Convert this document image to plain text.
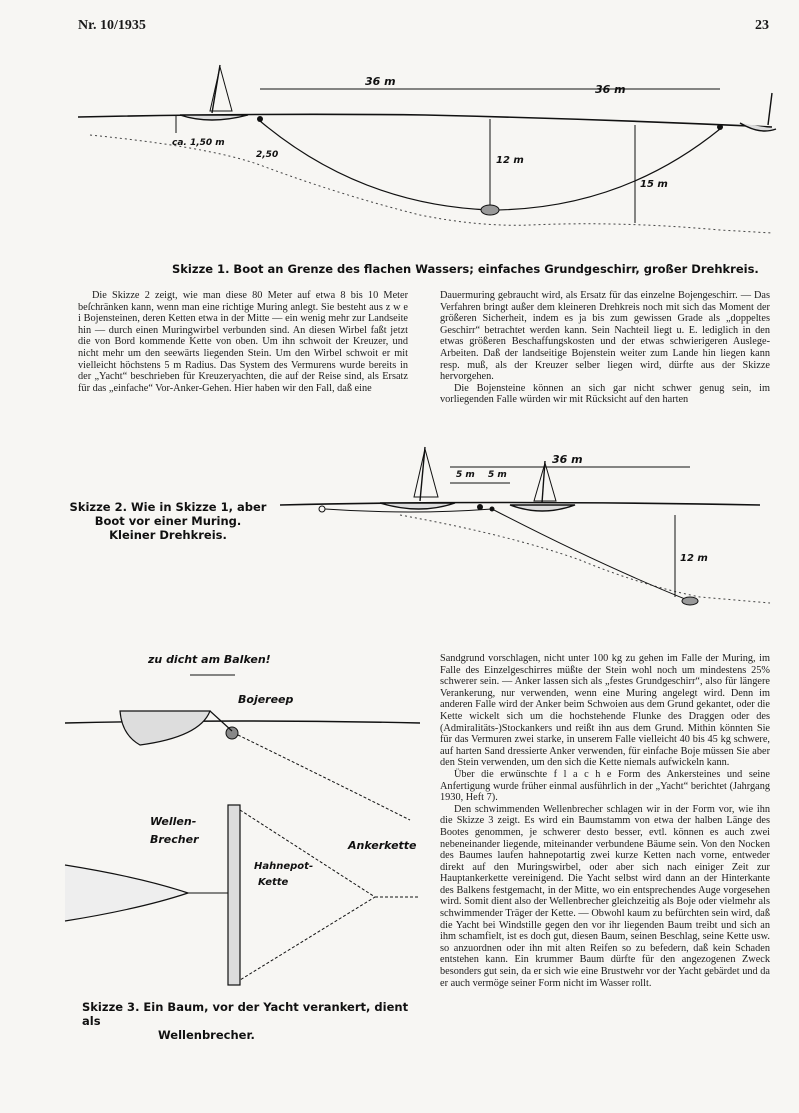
Nr. 10/1935	23
36 m
36 m
ca. 1,50 m
2,50	12 m
15 m
Skizze 1. Boot an Grenze des flachen Wassers; einfaches Grundgeschirr, großer Drehkreis.

Die Skizze 2 zeigt, wie man diese 80 Meter auf etwa 8 bis 10 Meter beſchränken kann, wenn man eine richtige Muring anlegt. Sie besteht aus z w e i Bojensteinen, deren Ketten etwa in der Mitte — ein wenig mehr zur Landseite hin — durch einen Muringwirbel verbunden sind. An diesen Wirbel faßt jetzt die von Bord kommende Kette von oben. Um ihn schwoit der Kreuzer, und nicht mehr um den seewärts liegenden Stein. Um den Wirbel schwoit er mit vielleicht höchstens 5 m Radius. Das System des Vermurens wurde bereits in der „Yacht“ beschrieben für Kreuzeryachten, die auf der Reise sind, als Ersatz für das „einfache“ Vor-Anker-Gehen. Hier haben wir den Fall, daß eine

Dauermuring gebraucht wird, als Ersatz für das einzelne Bojengeschirr. — Das Verfahren bringt außer dem kleineren Drehkreis noch mit sich das Moment der größeren Sicherheit, indem es ja bis zum gewissen Grade als „doppeltes Geschirr“ betrachtet werden kann. Sein Nachteil liegt u. E. lediglich in den etwas größeren Beschaffungskosten und der etwas schwierigeren Auslege-Arbeiten. Daß der landseitige Bojenstein weiter zum Lande hin liegen kann resp. muß, als der Kreuzer selber liegen wird, dürfte aus der Skizze hervorgehen.

Die Bojensteine können an sich gar nicht schwer genug sein, im vorliegenden Falle würden wir mit Rücksicht auf den harten

36 m
5 m 5 m
12 m
Skizze 2. Wie in Skizze 1, aber
Boot vor einer Muring.
Kleiner Drehkreis.
zu dicht am Balken!
Bojereep
Wellen-
Brecher
Hahnepot-
Kette
Ankerkette
Skizze 3. Ein Baum, vor der Yacht verankert, dient als
Wellenbrecher.

Sandgrund vorschlagen, nicht unter 100 kg zu gehen im Falle der Muring, im Falle des Einzelgeschirres müßte der Stein wohl noch um mindestens 25% schwerer sein. — Anker lassen sich als „festes Grundgeschirr“, also für längere Verankerung, nur verwenden, wenn eine Muring angelegt wird. Denn im anderen Falle wird der Anker beim Schwoien aus dem Grund gekantet, oder die Kette wickelt sich um die hochstehende Flunke des Draggen oder des (Admiralitäts-)Stockankers und reißt ihn aus dem Grund. Mithin könnten Sie für das Vermuren zwei starke, in unserem Falle vielleicht 40 bis 45 kg schwere, auf harten Sand dressierte Anker verwenden, für einfache Boje müssen Sie aber den Stein verwenden, um den sich die Kette niemals aufwickeln kann.

Über die erwünschte f l a c h e Form des Ankersteines und seine Anfertigung wurde früher einmal ausführlich in der „Yacht“ berichtet (Jahrgang 1930, Heft 7).

Den schwimmenden Wellenbrecher schlagen wir in der Form vor, wie ihn die Skizze 3 zeigt. Es wird ein Baumstamm von etwa der halben Länge des Bootes genommen, je schwerer desto besser, evtl. können es auch zwei nebeneinander liegende, miteinander verbundene Bäume sein. Von den Nocken des Baumes laufen hahnepotartig zwei kurze Ketten nach vorne, entweder direkt auf den Muringswirbel, oder aber sich nach einiger Zeit zur Hauptankerkette vereinigend. Die Yacht selbst wird dann an der Hinterkante des Balkens festgemacht, in der Mitte, wo ein entsprechendes Auge vorgesehen wird. Somit dient also der Wellenbrecher gleichzeitig als Boje oder vielmehr als schwimmender Träger der Kette. — Obwohl kaum zu befürchten sein wird, daß die Yacht bei Windstille gegen den vor ihr liegenden Baum treibt und sich an ihm schamfielt, ist es doch gut, diesen Baum, seinen Beschlag, seine Kette usw. so anzuordnen oder ihn mit alten Reifen so zu befedern, daß kein Schaden entstehen kann. Ein krummer Baum dürfte für den angezogenen Zweck besonders gut sein, da er sich wie eine Brustwehr vor der Yacht gebärdet und da er auch vermöge seiner Form nicht im Wasser rollt.
